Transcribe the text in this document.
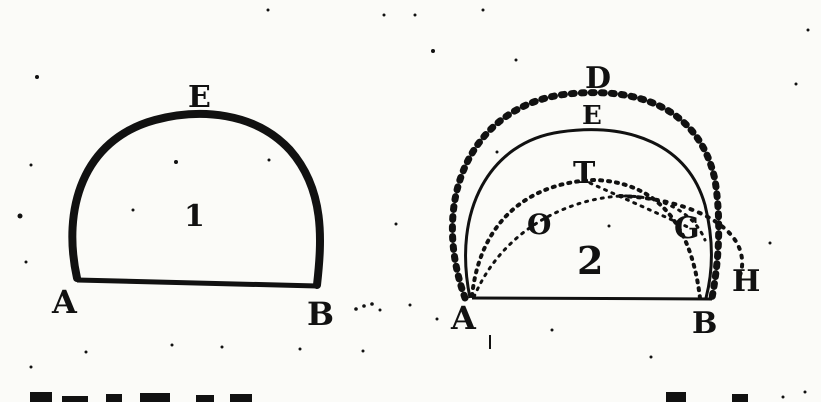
E
1
A	B
D
E
T
O	G
2	H
A	B
